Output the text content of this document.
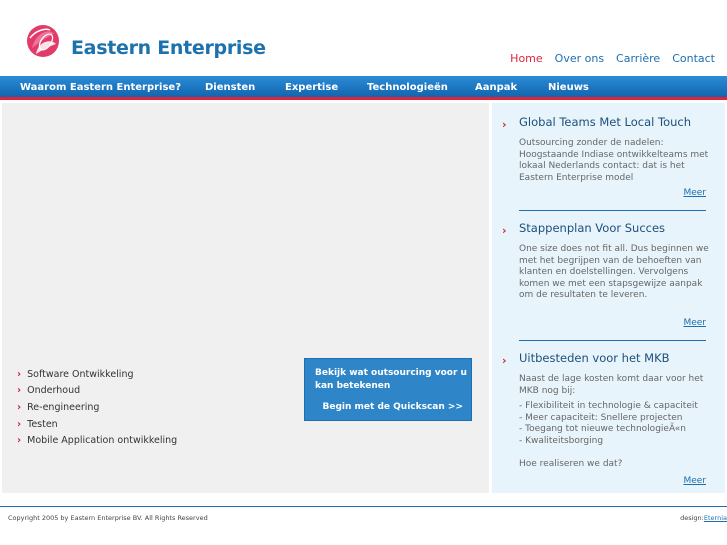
Eastern Enterprise	Home Over ons Carrière Contact
Waarom Eastern Enterprise? Diensten	Expertise	Technologieën	Aanpak	Nieuws
› Software Ontwikkeling
› Onderhoud
› Re-engineering
› Testen
› Mobile Application ontwikkeling
Bekijk wat outsourcing voor u kan betekenen
Begin met de Quickscan >>
› Global Teams Met Local Touch
Outsourcing zonder de nadelen: Hoogstaande Indiase ontwikkelteams met lokaal Nederlands contact: dat is het Eastern Enterprise model
Meer
› Stappenplan Voor Succes
One size does not fit all. Dus beginnen we met het begrijpen van de behoeften van klanten en doelstellingen. Vervolgens komen we met een stapsgewijze aanpak om de resultaten te leveren.
Meer
› Uitbesteden voor het MKB
Naast de lage kosten komt daar voor het MKB nog bij:
- Flexibiliteit in technologie & capaciteit
- Meer capaciteit: Snellere projecten
- Toegang tot nieuwe technologieÃ«n
- Kwaliteitsborging
Hoe realiseren we dat?
Meer
Copyright 2005 by Eastern Enterprise BV. All Rights Reserved	design:Eternia
